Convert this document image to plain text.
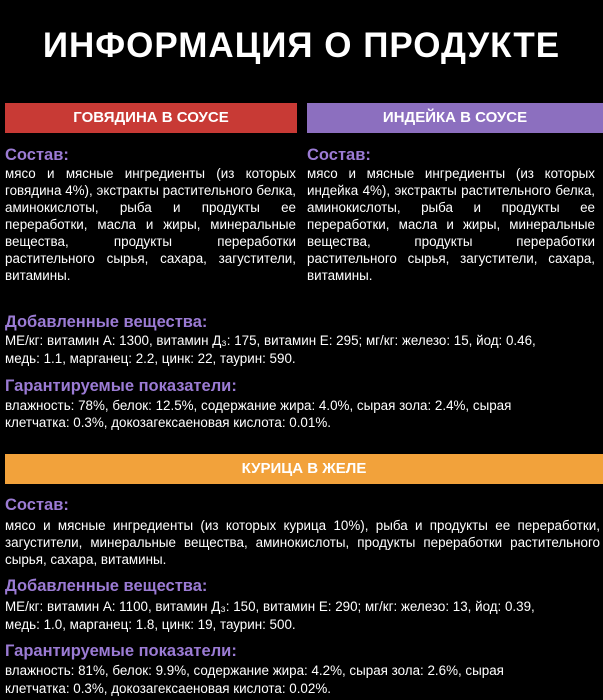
ИНФОРМАЦИЯ О ПРОДУКТЕ
ГОВЯДИНА В СОУСЕ
Состав:
мясо и мясные ингредиенты (из которых говядина 4%), экстракты растительного белка, аминокислоты, рыба и продукты ее переработки, масла и жиры, минеральные вещества, продукты переработки растительного сырья, сахара, загустители, витамины.
ИНДЕЙКА В СОУСЕ
Состав:
мясо и мясные ингредиенты (из которых индейка 4%), экстракты растительного белка, аминокислоты, рыба и продукты ее переработки, масла и жиры, минеральные вещества, продукты переработки растительного сырья, загустители, сахара, витамины.
Добавленные вещества:
МЕ/кг: витамин А: 1300, витамин Д₃: 175, витамин Е: 295; мг/кг: железо: 15, йод: 0.46,
медь: 1.1, марганец: 2.2, цинк: 22, таурин: 590.
Гарантируемые показатели:
влажность: 78%, белок: 12.5%, содержание жира: 4.0%, сырая зола: 2.4%, сырая
клетчатка: 0.3%, докозагексаеновая кислота: 0.01%.
КУРИЦА В ЖЕЛЕ
Состав:
мясо и мясные ингредиенты (из которых курица 10%), рыба и продукты ее переработки, загустители, минеральные вещества, аминокислоты, продукты переработки растительного сырья, сахара, витамины.
Добавленные вещества:
МЕ/кг: витамин А: 1100, витамин Д₃: 150, витамин Е: 290; мг/кг: железо: 13, йод: 0.39,
медь: 1.0, марганец: 1.8, цинк: 19, таурин: 500.
Гарантируемые показатели:
влажность: 81%, белок: 9.9%, содержание жира: 4.2%, сырая зола: 2.6%, сырая
клетчатка: 0.3%, докозагексаеновая кислота: 0.02%.
